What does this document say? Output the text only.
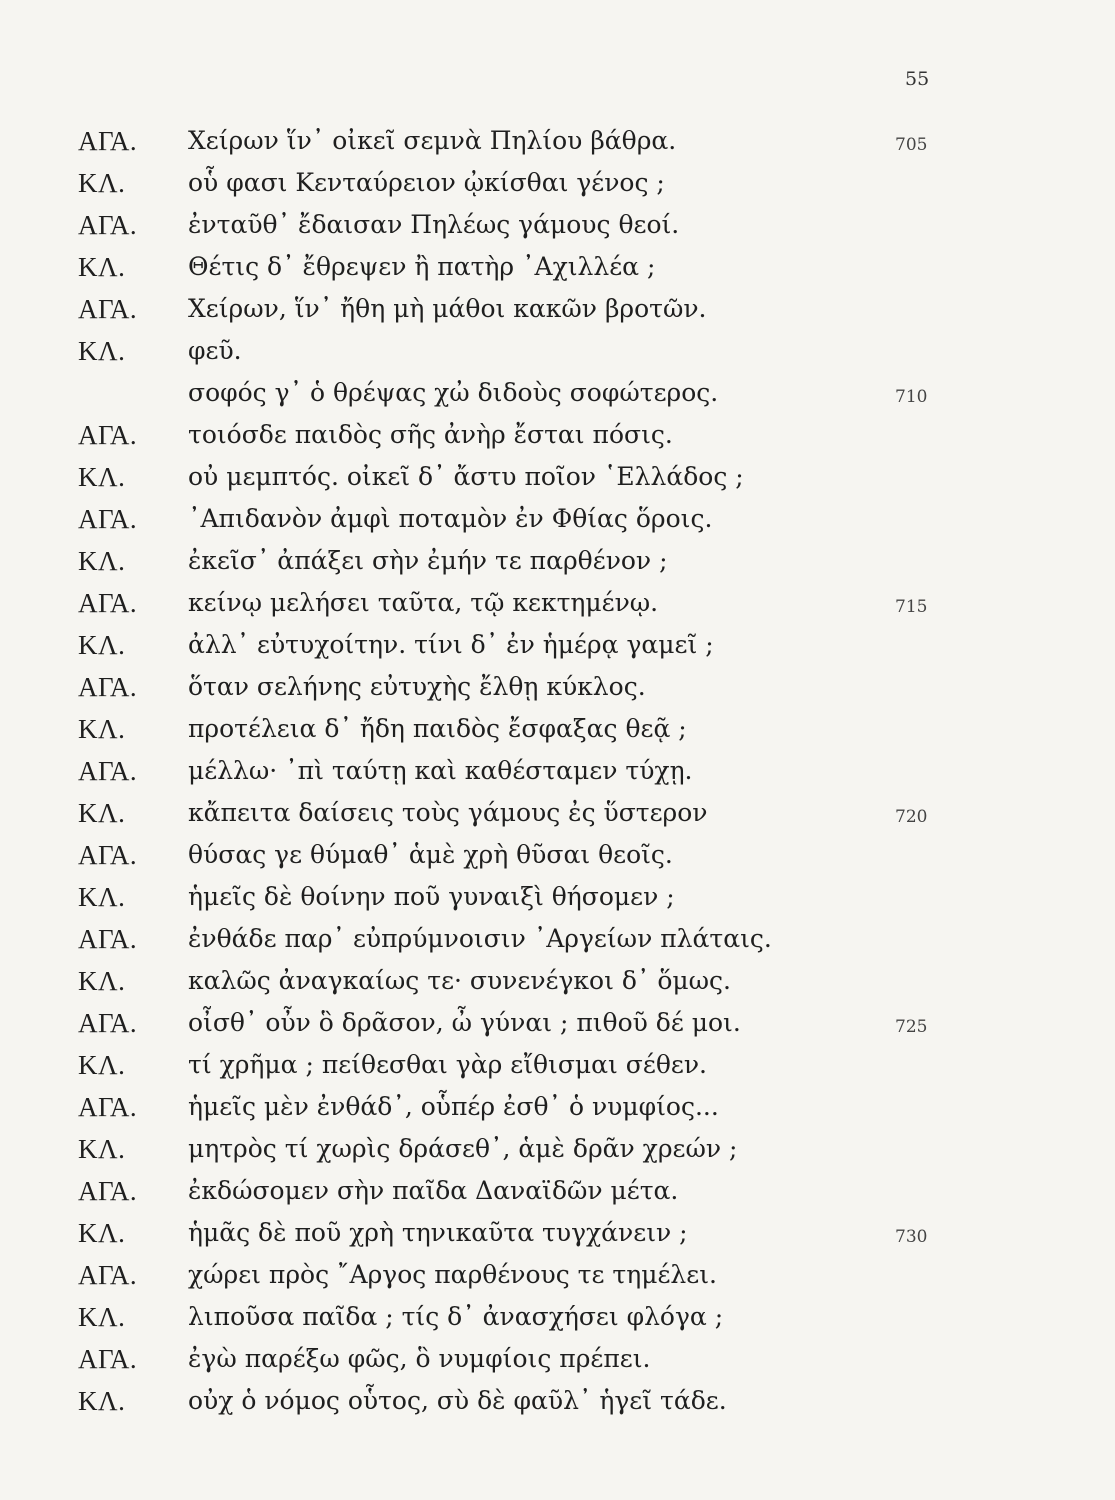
55
ΑΓΑ. Χείρων ἵν᾽ οἰκεῖ σεμνὰ Πηλίου βάθρα.	705
ΚΛ.	οὗ φασι Κενταύρειον ᾠκίσθαι γένος ;
ΑΓΑ. ἐνταῦθ᾽ ἔδαισαν Πηλέως γάμους θεοί.
ΚΛ.	Θέτις δ᾽ ἔθρεψεν ἢ πατὴρ ᾽Αχιλλέα ;
ΑΓΑ. Χείρων, ἵν᾽ ἤθη μὴ μάθοι κακῶν βροτῶν.
ΚΛ.	φεῦ.
σοφός γ᾽ ὁ θρέψας χὠ διδοὺς σοφώτερος.	710
ΑΓΑ. τοιόσδε παιδὸς σῆς ἀνὴρ ἔσται πόσις.
ΚΛ.	οὐ μεμπτός. οἰκεῖ δ᾽ ἄστυ ποῖον ῾Ελλάδος ;
ΑΓΑ. ᾽Απιδανὸν ἀμφὶ ποταμὸν ἐν Φθίας ὅροις.
ΚΛ.	ἐκεῖσ᾽ ἀπάξει σὴν ἐμήν τε παρθένον ;
ΑΓΑ. κείνῳ μελήσει ταῦτα, τῷ κεκτημένῳ.	715
ΚΛ.	ἀλλ᾽ εὐτυχοίτην. τίνι δ᾽ ἐν ἡμέρᾳ γαμεῖ ;
ΑΓΑ. ὅταν σελήνης εὐτυχὴς ἔλθῃ κύκλος.
ΚΛ.	προτέλεια δ᾽ ἤδη παιδὸς ἔσφαξας θεᾷ ;
ΑΓΑ. μέλλω· ᾽πὶ ταύτῃ καὶ καθέσταμεν τύχῃ.
ΚΛ.	κἄπειτα δαίσεις τοὺς γάμους ἐς ὕστερον	720
ΑΓΑ. θύσας γε θύμαθ᾽ ἁμὲ χρὴ θῦσαι θεοῖς.
ΚΛ.	ἡμεῖς δὲ θοίνην ποῦ γυναιξὶ θήσομεν ;
ΑΓΑ. ἐνθάδε παρ᾽ εὐπρύμνοισιν ᾽Αργείων πλάταις.
ΚΛ.	καλῶς ἀναγκαίως τε· συνενέγκοι δ᾽ ὅμως.
ΑΓΑ. οἶσθ᾽ οὖν ὃ δρᾶσον, ὦ γύναι ; πιθοῦ δέ μοι.	725
ΚΛ.	τί χρῆμα ; πείθεσθαι γὰρ εἴθισμαι σέθεν.
ΑΓΑ. ἡμεῖς μὲν ἐνθάδ᾽, οὗπέρ ἐσθ᾽ ὁ νυμφίος...
ΚΛ.	μητρὸς τί χωρὶς δράσεθ᾽, ἁμὲ δρᾶν χρεών ;
ΑΓΑ. ἐκδώσομεν σὴν παῖδα Δαναϊδῶν μέτα.
ΚΛ.	ἡμᾶς δὲ ποῦ χρὴ τηνικαῦτα τυγχάνειν ;	730
ΑΓΑ. χώρει πρὸς ῎Αργος παρθένους τε τημέλει.
ΚΛ.	λιποῦσα παῖδα ; τίς δ᾽ ἀνασχήσει φλόγα ;
ΑΓΑ. ἐγὼ παρέξω φῶς, ὃ νυμφίοις πρέπει.
ΚΛ.	οὐχ ὁ νόμος οὗτος, σὺ δὲ φαῦλ᾽ ἡγεῖ τάδε.
